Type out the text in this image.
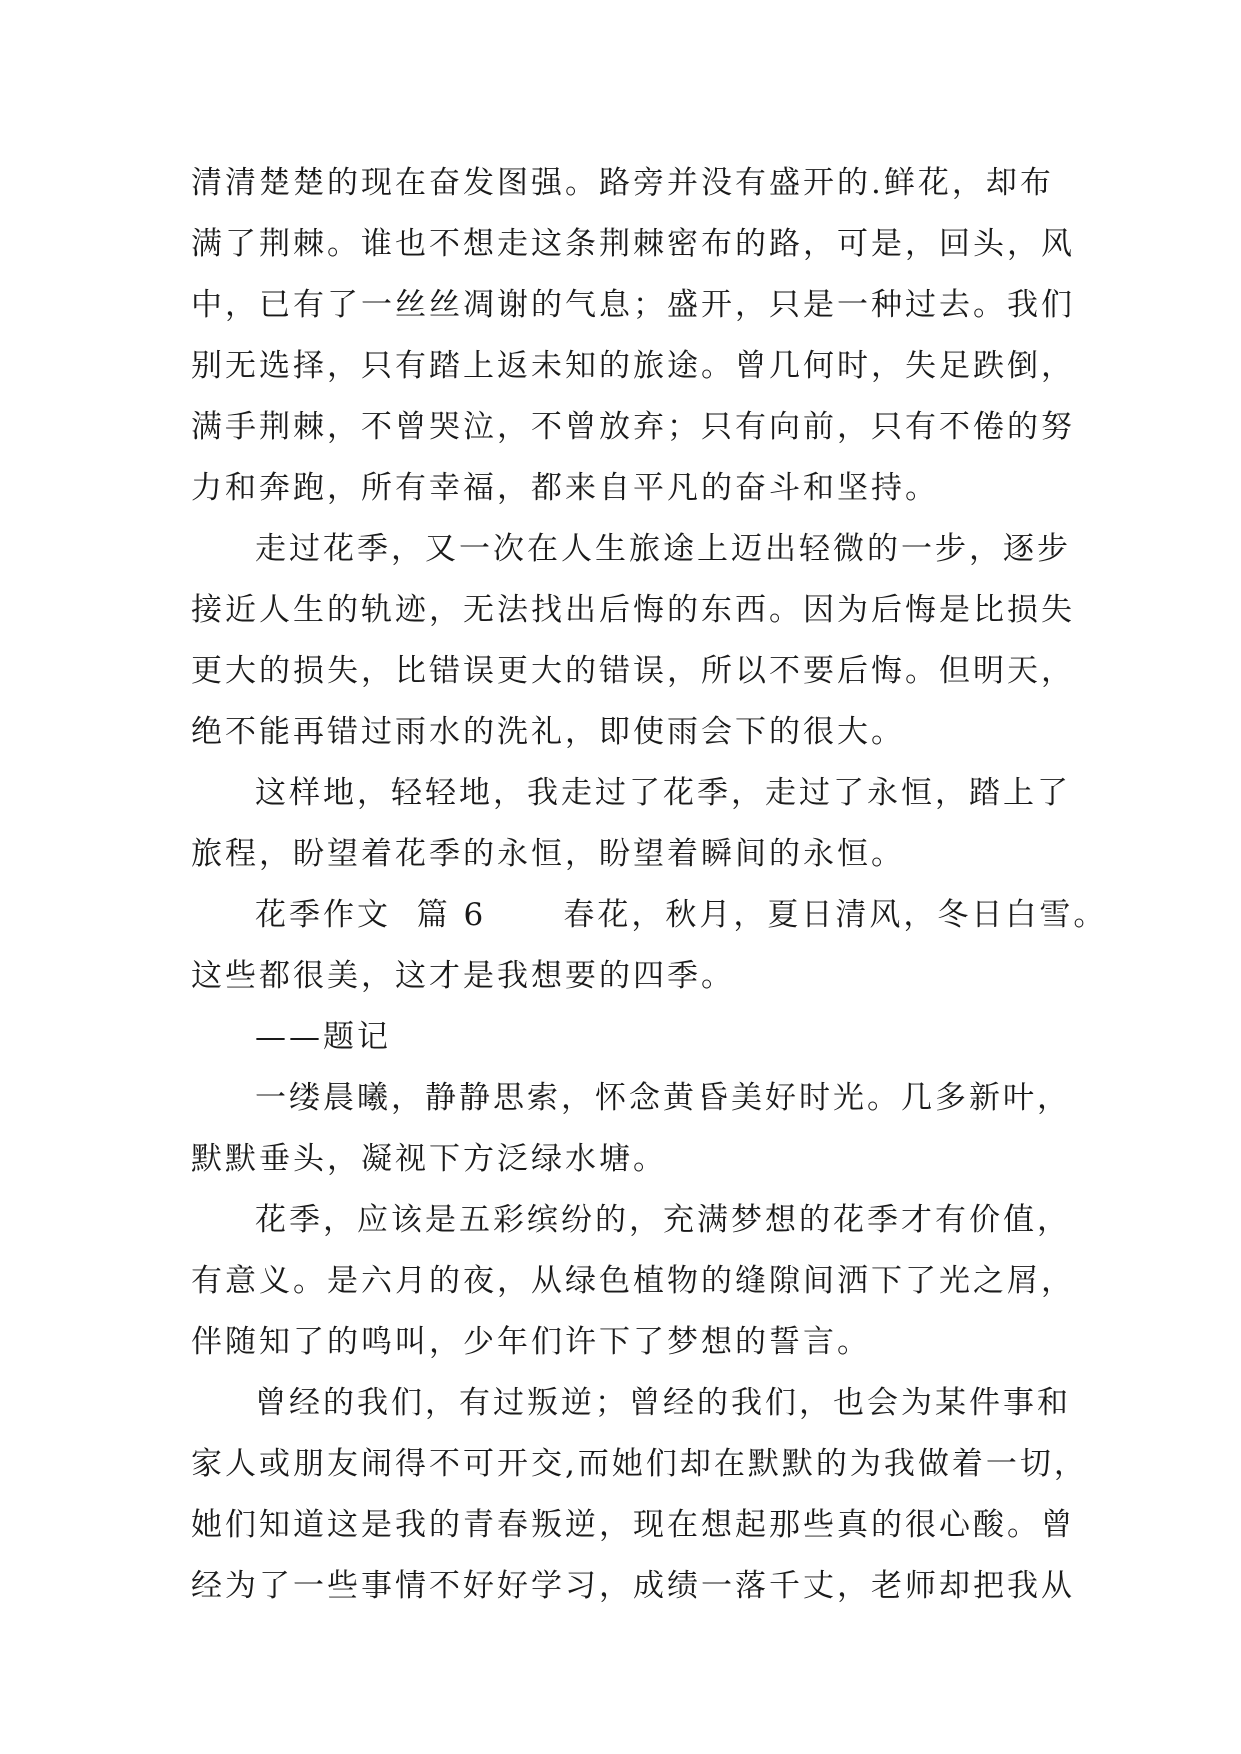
清清楚楚的现在奋发图强。路旁并没有盛开的.鲜花，却布
满了荆棘。谁也不想走这条荆棘密布的路，可是，回头，风
中，已有了一丝丝凋谢的气息；盛开，只是一种过去。我们
别无选择，只有踏上返未知的旅途。曾几何时，失足跌倒，
满手荆棘，不曾哭泣，不曾放弃；只有向前，只有不倦的努
力和奔跑，所有幸福，都来自平凡的奋斗和坚持。
走过花季，又一次在人生旅途上迈出轻微的一步，逐步
接近人生的轨迹，无法找出后悔的东西。因为后悔是比损失
更大的损失，比错误更大的错误，所以不要后悔。但明天，
绝不能再错过雨水的洗礼，即使雨会下的很大。
这样地，轻轻地，我走过了花季，走过了永恒，踏上了
旅程，盼望着花季的永恒，盼望着瞬间的永恒。
花季作文  篇 6      春花，秋月，夏日清风，冬日白雪。
这些都很美，这才是我想要的四季。
——题记
一缕晨曦，静静思索，怀念黄昏美好时光。几多新叶，
默默垂头，凝视下方泛绿水塘。
花季，应该是五彩缤纷的，充满梦想的花季才有价值，
有意义。是六月的夜，从绿色植物的缝隙间洒下了光之屑，
伴随知了的鸣叫，少年们许下了梦想的誓言。
曾经的我们，有过叛逆；曾经的我们，也会为某件事和
家人或朋友闹得不可开交,而她们却在默默的为我做着一切，
她们知道这是我的青春叛逆，现在想起那些真的很心酸。曾
经为了一些事情不好好学习，成绩一落千丈，老师却把我从
